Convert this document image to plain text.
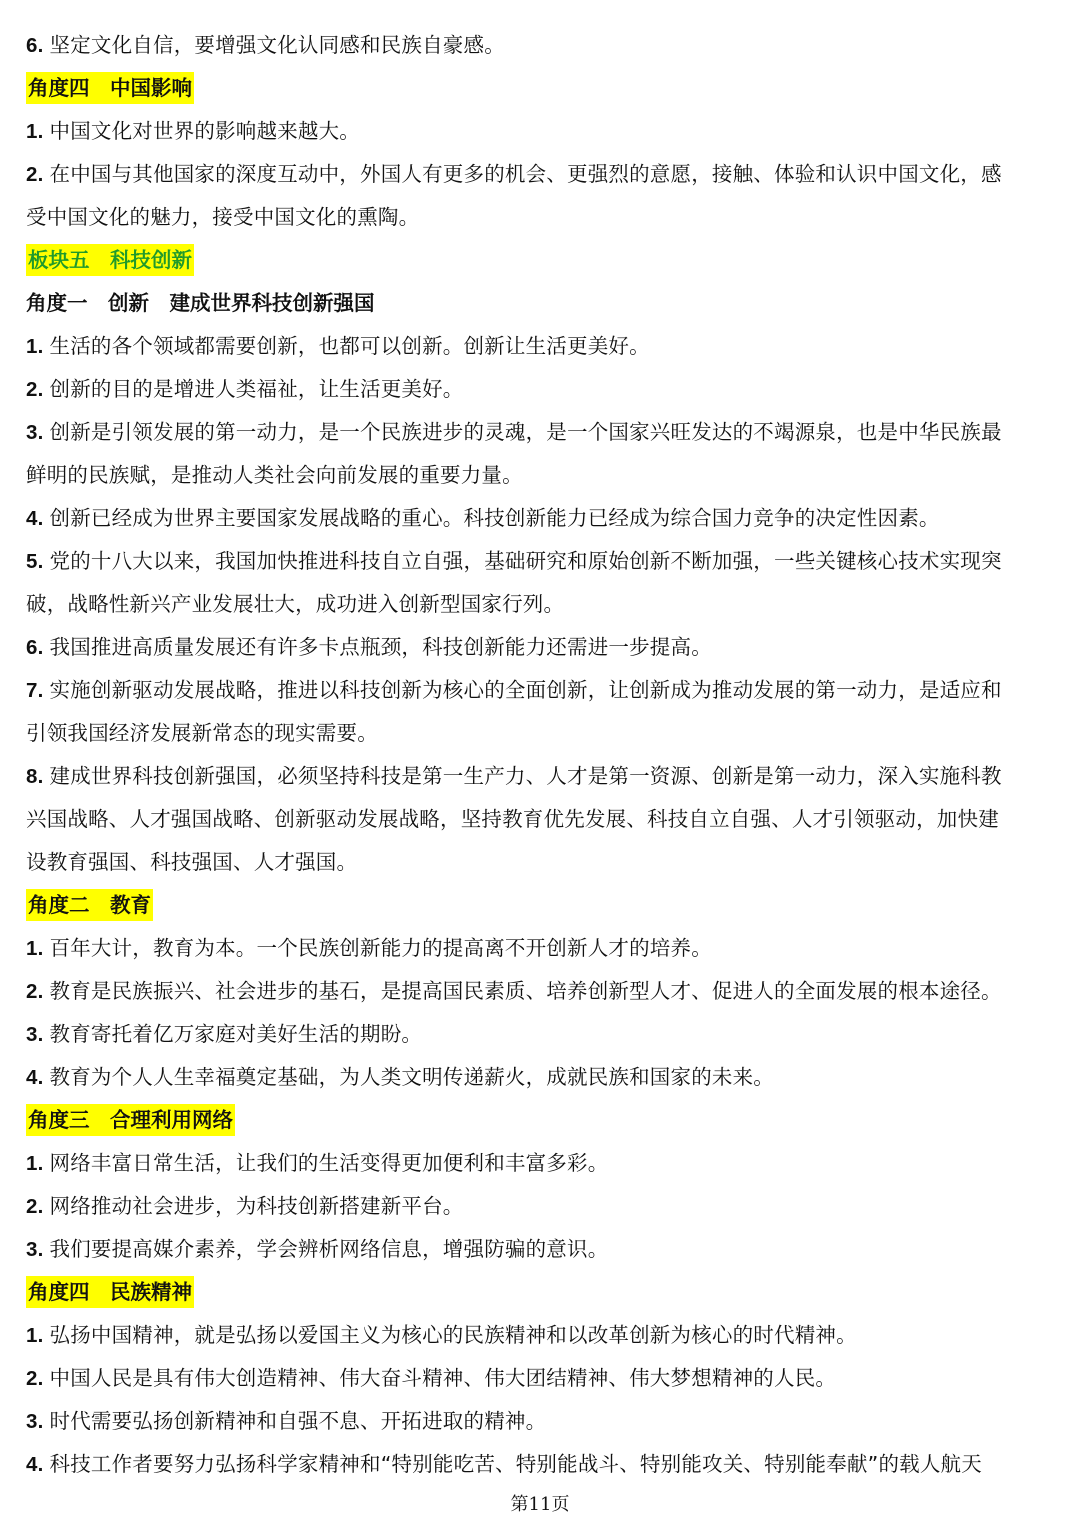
6. 坚定文化自信，要增强文化认同感和民族自豪感。
角度四　中国影响
1. 中国文化对世界的影响越来越大。
2. 在中国与其他国家的深度互动中，外国人有更多的机会、更强烈的意愿，接触、体验和认识中国文化，感
受中国文化的魅力，接受中国文化的熏陶。
板块五　科技创新
角度一　创新　建成世界科技创新强国
1. 生活的各个领域都需要创新，也都可以创新。创新让生活更美好。
2. 创新的目的是增进人类福祉，让生活更美好。
3. 创新是引领发展的第一动力，是一个民族进步的灵魂，是一个国家兴旺发达的不竭源泉，也是中华民族最
鲜明的民族赋，是推动人类社会向前发展的重要力量。
4. 创新已经成为世界主要国家发展战略的重心。科技创新能力已经成为综合国力竞争的决定性因素。
5. 党的十八大以来，我国加快推进科技自立自强，基础研究和原始创新不断加强，一些关键核心技术实现突
破，战略性新兴产业发展壮大，成功进入创新型国家行列。
6. 我国推进高质量发展还有许多卡点瓶颈，科技创新能力还需进一步提高。
7. 实施创新驱动发展战略，推进以科技创新为核心的全面创新，让创新成为推动发展的第一动力，是适应和
引领我国经济发展新常态的现实需要。
8. 建成世界科技创新强国，必须坚持科技是第一生产力、人才是第一资源、创新是第一动力，深入实施科教
兴国战略、人才强国战略、创新驱动发展战略，坚持教育优先发展、科技自立自强、人才引领驱动，加快建
设教育强国、科技强国、人才强国。
角度二　教育
1. 百年大计，教育为本。一个民族创新能力的提高离不开创新人才的培养。
2. 教育是民族振兴、社会进步的基石，是提高国民素质、培养创新型人才、促进人的全面发展的根本途径。
3. 教育寄托着亿万家庭对美好生活的期盼。
4. 教育为个人人生幸福奠定基础，为人类文明传递薪火，成就民族和国家的未来。
角度三　合理利用网络
1. 网络丰富日常生活，让我们的生活变得更加便利和丰富多彩。
2. 网络推动社会进步，为科技创新搭建新平台。
3. 我们要提高媒介素养，学会辨析网络信息，增强防骗的意识。
角度四　民族精神
1. 弘扬中国精神，就是弘扬以爱国主义为核心的民族精神和以改革创新为核心的时代精神。
2. 中国人民是具有伟大创造精神、伟大奋斗精神、伟大团结精神、伟大梦想精神的人民。
3. 时代需要弘扬创新精神和自强不息、开拓进取的精神。
4. 科技工作者要努力弘扬科学家精神和“特别能吃苦、特别能战斗、特别能攻关、特别能奉献”的载人航天
第11页
